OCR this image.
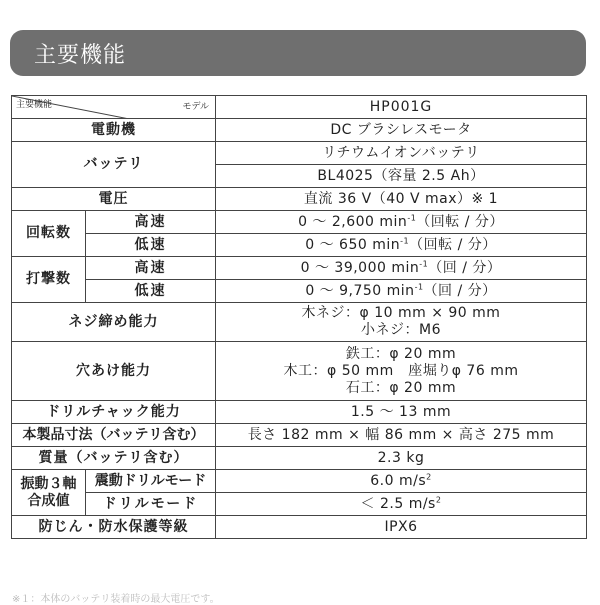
主要機能
モデル
主要機能		HP001G
電動機		DC ブラシレスモータ
バッテリ		リチウムイオンバッテリ
		BL4025（容量 2.5 Ah）
電圧		直流 36 V（40 V max）※ 1
回転数	高速	0 ～ 2,600 $\min^{-1}$（回転 / 分）
	低速	0 ～ 650 $\min^{-1}$（回転 / 分）
打撃数	高速	0 ～ 39,000 $\min^{-1}$（回 / 分）
	低速	0 ～ 9,750 $\min^{-1}$（回 / 分）
ネジ締め能力		木ネジ：φ 10 mm × 90 mm
小ネジ：M6

穴あけ能力		鉄工：φ 20 mm
木工：φ 50 mm　座堀りφ 76 mm
石工：φ 20 mm

ドリルチャック能力		1.5 ～ 13 mm
本製品寸法（バッテリ含む）		長さ 182 mm × 幅 86 mm × 高さ 275 mm
質量（バッテリ含む）		2.3 kg

振動３軸
合成値	震動ドリルモード	6.0 $m/s^2$
	ドリルモード	＜ 2.5 $m/s^2$
防じん・防水保護等級		IPX6
※１：本体のバッテリ装着時の最大電圧です。
